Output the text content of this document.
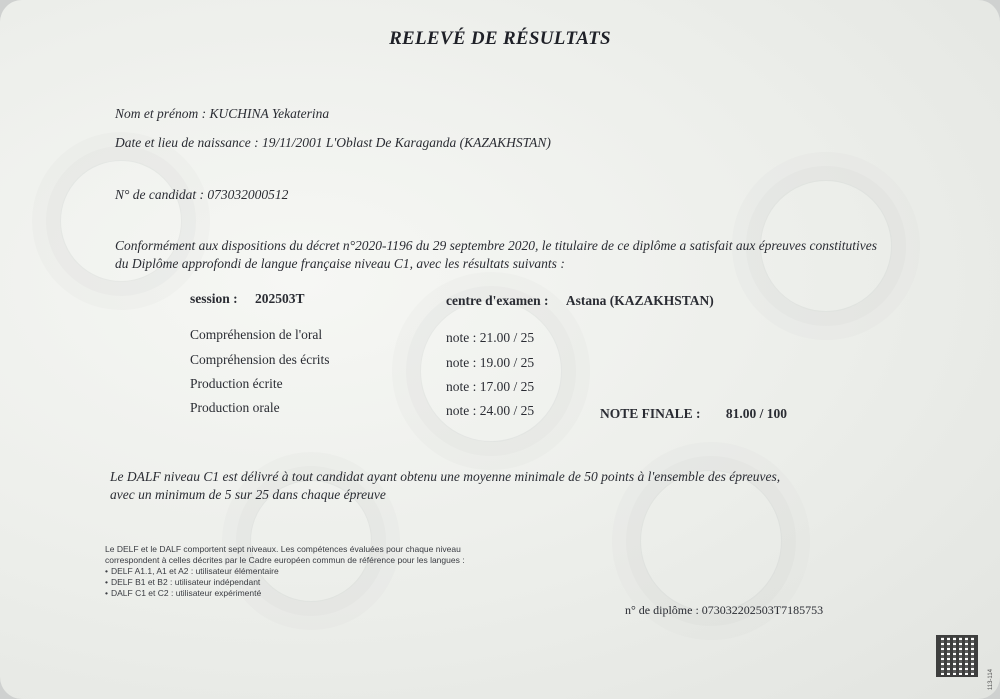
RELEVÉ DE RÉSULTATS
Nom et prénom : KUCHINA Yekaterina
Date et lieu de naissance : 19/11/2001 L'Oblast De Karaganda (KAZAKHSTAN)
N° de candidat : 073032000512
Conformément aux dispositions du décret n°2020-1196 du 29 septembre 2020, le titulaire de ce diplôme a satisfait aux épreuves constitutives
du Diplôme approfondi de langue française niveau C1, avec les résultats suivants :
session : 202503T	centre d'examen : Astana (KAZAKHSTAN)
Compréhension de l'oral	note : 21.00 / 25
Compréhension des écrits	note : 19.00 / 25
Production écrite	note : 17.00 / 25
Production orale	note : 24.00 / 25	NOTE FINALE : 81.00 / 100
Le DALF niveau C1 est délivré à tout candidat ayant obtenu une moyenne minimale de 50 points à l'ensemble des épreuves,
avec un minimum de 5 sur 25 dans chaque épreuve
Le DELF et le DALF comportent sept niveaux. Les compétences évaluées pour chaque niveau
correspondent à celles décrites par le Cadre européen commun de référence pour les langues :
• DELF A1.1, A1 et A2 : utilisateur élémentaire
• DELF B1 et B2 : utilisateur indépendant
• DALF C1 et C2 : utilisateur expérimenté
n° de diplôme : 073032202503T7185753
113-114
